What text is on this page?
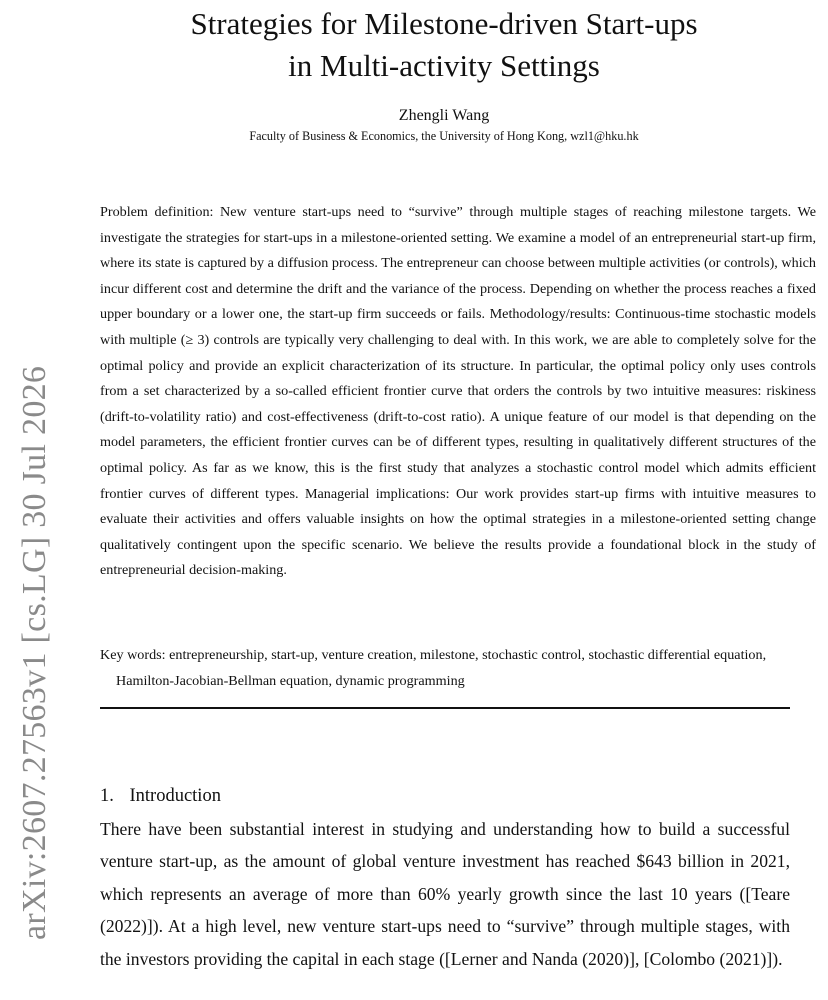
arXiv:2607.27563v1 [cs.LG] 30 Jul 2026
Strategies for Milestone-driven Start-ups
in Multi-activity Settings
Zhengli Wang
Faculty of Business & Economics, the University of Hong Kong, wzl1@hku.hk

Problem definition: New venture start-ups need to “survive” through multiple stages of reaching milestone targets. We investigate the strategies for start-ups in a milestone-oriented setting. We examine a model of an entrepreneurial start-up firm, where its state is captured by a diffusion process. The entrepreneur can choose between multiple activities (or controls), which incur different cost and determine the drift and the variance of the process. Depending on whether the process reaches a fixed upper boundary or a lower one, the start-up firm succeeds or fails. Methodology/results: Continuous-time stochastic models with multiple (≥ 3) controls are typically very challenging to deal with. In this work, we are able to completely solve for the optimal policy and provide an explicit characterization of its structure. In particular, the optimal policy only uses controls from a set characterized by a so-called efficient frontier curve that orders the controls by two intuitive measures: riskiness (drift-to-volatility ratio) and cost-effectiveness (drift-to-cost ratio). A unique feature of our model is that depending on the model parameters, the efficient frontier curves can be of different types, resulting in qualitatively different structures of the optimal policy. As far as we know, this is the first study that analyzes a stochastic control model which admits efficient frontier curves of different types. Managerial implications: Our work provides start-up firms with intuitive measures to evaluate their activities and offers valuable insights on how the optimal strategies in a milestone-oriented setting change qualitatively contingent upon the specific scenario. We believe the results provide a foundational block in the study of entrepreneurial decision-making.

Key words: entrepreneurship, start-up, venture creation, milestone, stochastic control, stochastic differential equation, Hamilton-Jacobian-Bellman equation, dynamic programming

1. Introduction

There have been substantial interest in studying and understanding how to build a successful venture start-up, as the amount of global venture investment has reached $643 billion in 2021, which represents an average of more than 60% yearly growth since the last 10 years ([Teare (2022)]). At a high level, new venture start-ups need to “survive” through multiple stages, with the investors providing the capital in each stage ([Lerner and Nanda (2020)], [Colombo (2021)]).
